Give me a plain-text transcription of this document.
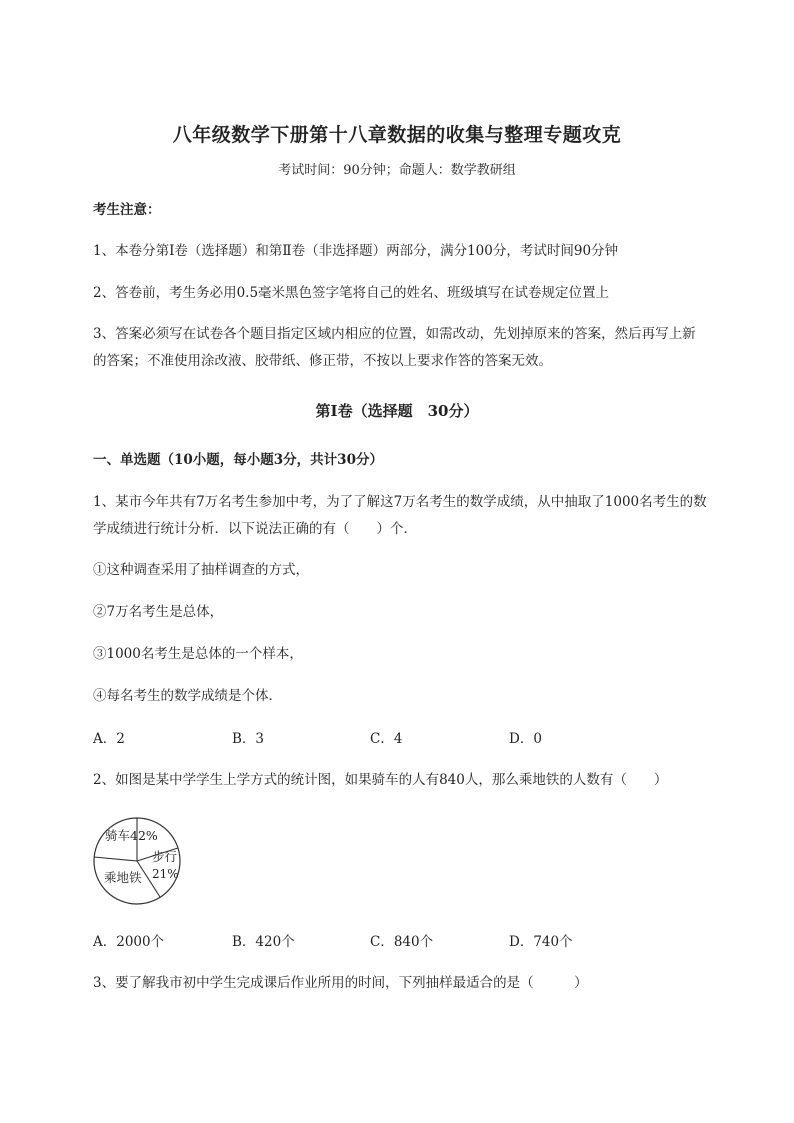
八年级数学下册第十八章数据的收集与整理专题攻克
考试时间：90分钟；命题人：数学教研组
考生注意：
1、本卷分第I卷（选择题）和第Ⅱ卷（非选择题）两部分，满分100分，考试时间90分钟
2、答卷前，考生务必用0.5毫米黑色签字笔将自己的姓名、班级填写在试卷规定位置上
3、答案必须写在试卷各个题目指定区域内相应的位置，如需改动，先划掉原来的答案，然后再写上新的答案；不准使用涂改液、胶带纸、修正带，不按以上要求作答的答案无效。
第I卷（选择题　30分）
一、单选题（10小题，每小题3分，共计30分）
1、某市今年共有7万名考生参加中考，为了了解这7万名考生的数学成绩，从中抽取了1000名考生的数学成绩进行统计分析．以下说法正确的有（　　）个．
①这种调查采用了抽样调查的方式，
②7万名考生是总体，
③1000名考生是总体的一个样本，
④每名考生的数学成绩是个体．
A．2	B．3	C．4	D．0
2、如图是某中学学生上学方式的统计图，如果骑车的人有840人，那么乘地铁的人数有（　　）
骑车42%
步行
21%
乘地铁
A．2000个	B．420个	C．840个	D．740个
3、要了解我市初中学生完成课后作业所用的时间，下列抽样最适合的是（　　　）
